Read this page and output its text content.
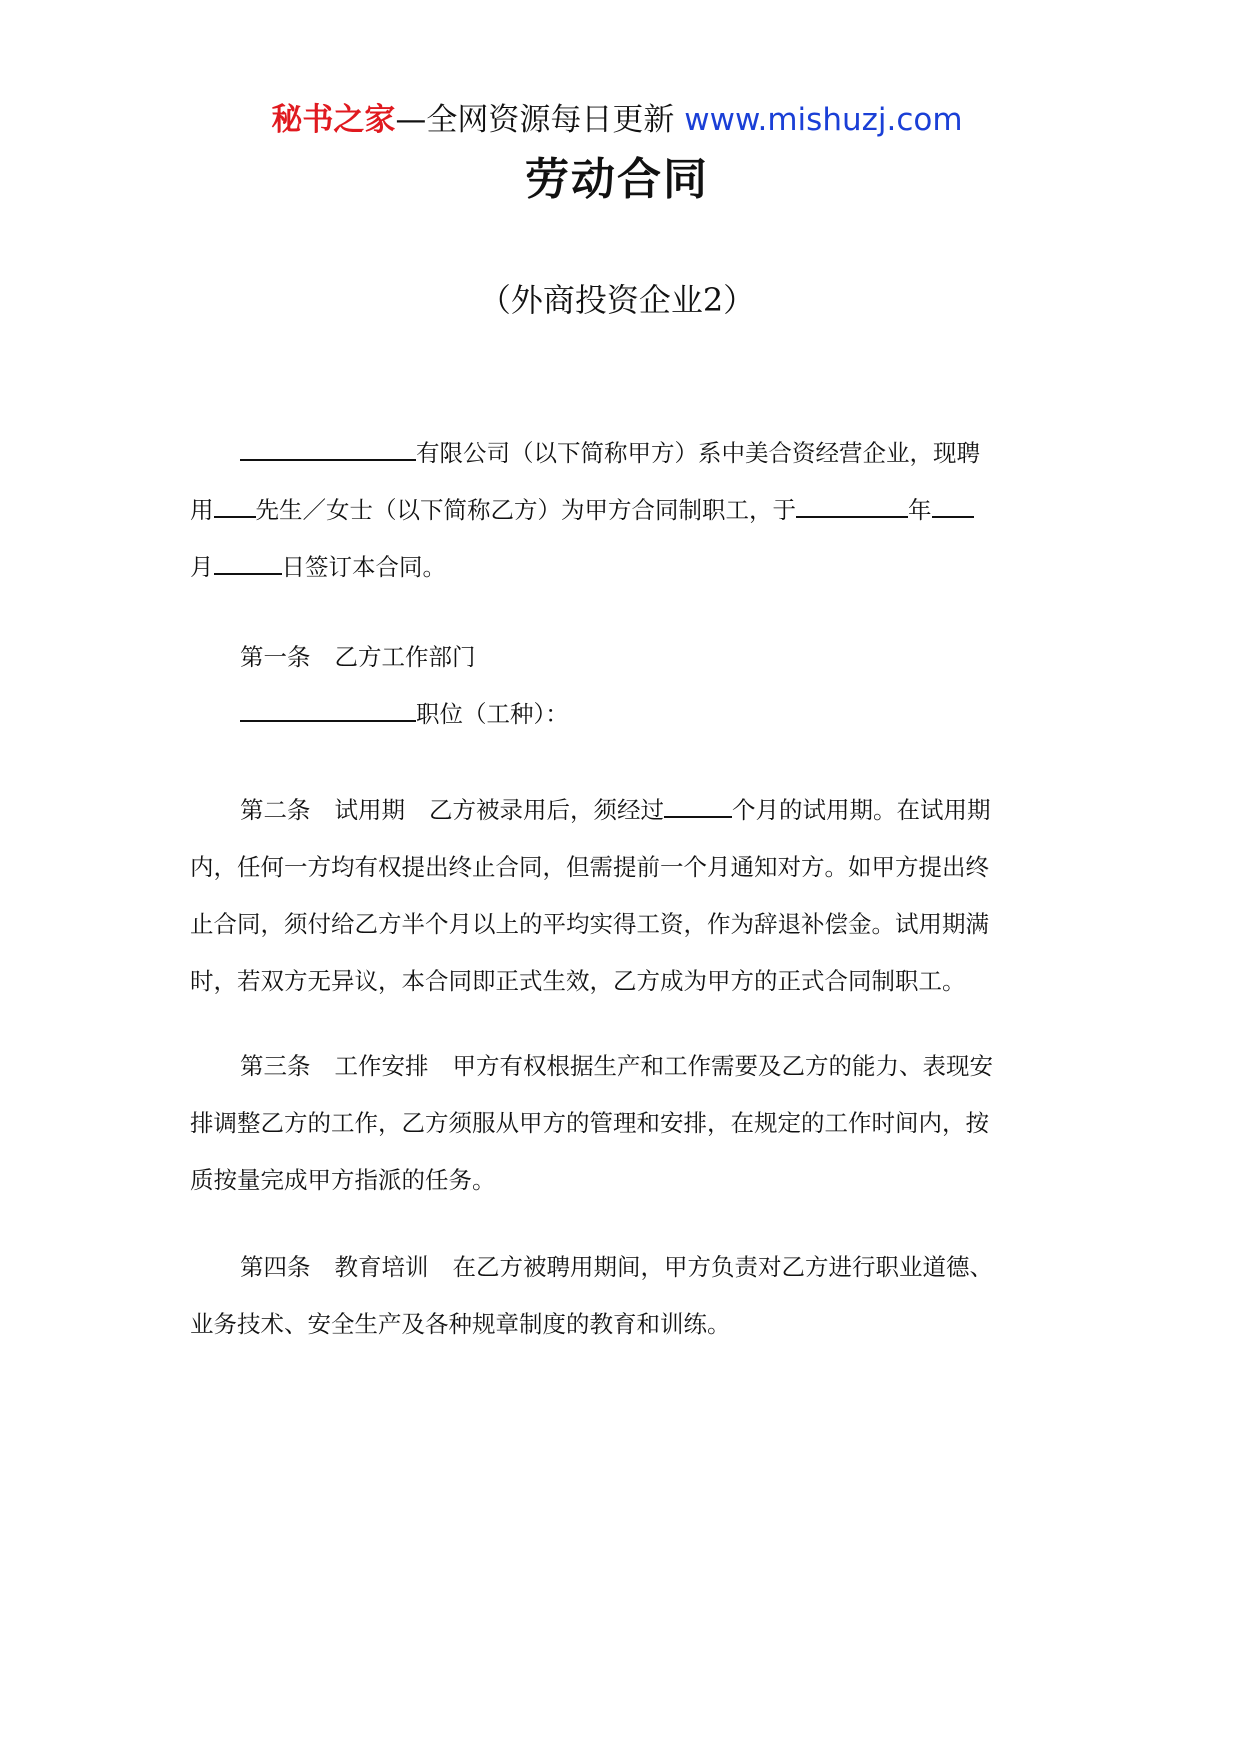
秘书之家—全网资源每日更新 www.mishuzj.com
劳动合同
（外商投资企业2）
有限公司（以下简称甲方）系中美合资经营企业，现聘
用 先生／女士（以下简称乙方）为甲方合同制职工，于	年
月	日签订本合同。
第一条 乙方工作部门
职位（工种）：
第二条 试用期 乙方被录用后，须经过	个月的试用期。在试用期
内，任何一方均有权提出终止合同，但需提前一个月通知对方。如甲方提出终
止合同，须付给乙方半个月以上的平均实得工资，作为辞退补偿金。试用期满
时，若双方无异议，本合同即正式生效，乙方成为甲方的正式合同制职工。
第三条 工作安排 甲方有权根据生产和工作需要及乙方的能力、表现安
排调整乙方的工作，乙方须服从甲方的管理和安排，在规定的工作时间内，按
质按量完成甲方指派的任务。
第四条 教育培训 在乙方被聘用期间，甲方负责对乙方进行职业道德、
业务技术、安全生产及各种规章制度的教育和训练。
